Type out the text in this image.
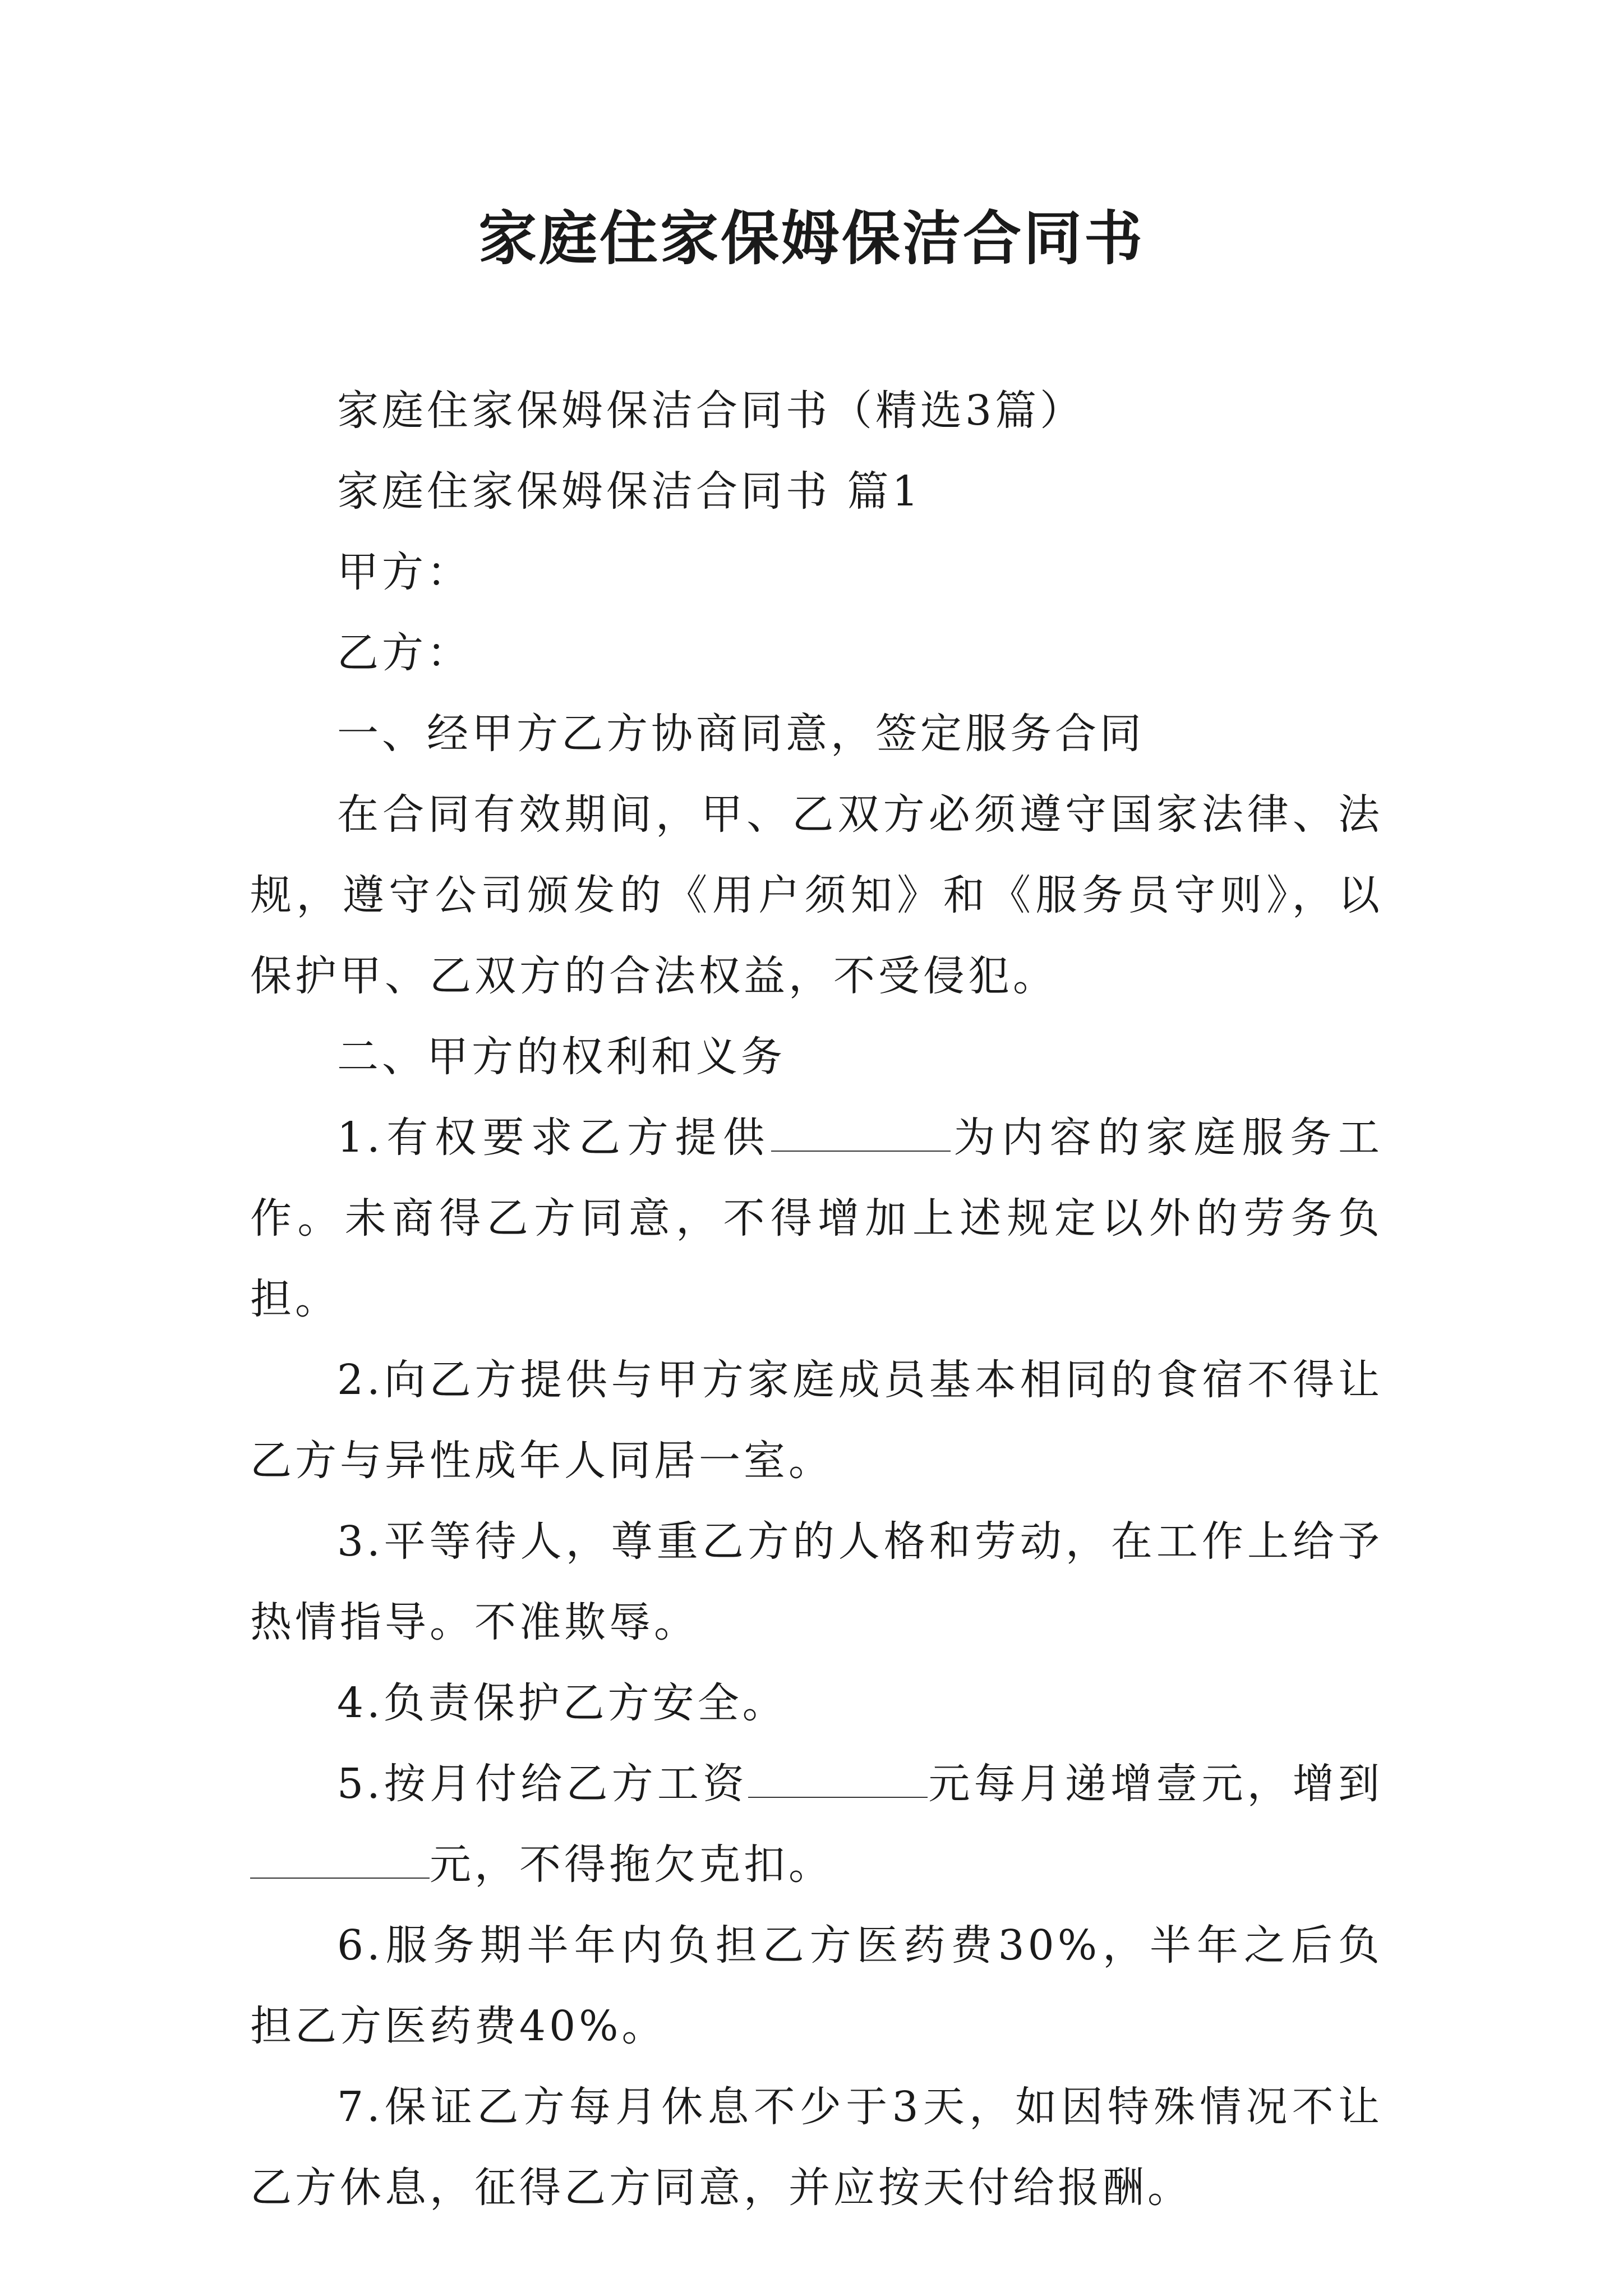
家庭住家保姆保洁合同书

家庭住家保姆保洁合同书（精选3篇）

家庭住家保姆保洁合同书 篇1

甲方：

乙方：

一、经甲方乙方协商同意，签定服务合同

在合同有效期间，甲、乙双方必须遵守国家法律、法规，遵守公司颁发的《用户须知》和《服务员守则》，以保护甲、乙双方的合法权益，不受侵犯。

二、甲方的权利和义务

1.有权要求乙方提供	为内容的家庭服务工作。未商得乙方同意，不得增加上述规定以外的劳务负担。

2.向乙方提供与甲方家庭成员基本相同的食宿不得让乙方与异性成年人同居一室。

3.平等待人，尊重乙方的人格和劳动，在工作上给予热情指导。不准欺辱。

4.负责保护乙方安全。

5.按月付给乙方工资	元每月递增壹元，增到元，不得拖欠克扣。

6.服务期半年内负担乙方医药费30%，半年之后负担乙方医药费40%。

7.保证乙方每月休息不少于3天，如因特殊情况不让乙方休息，征得乙方同意，并应按天付给报酬。
